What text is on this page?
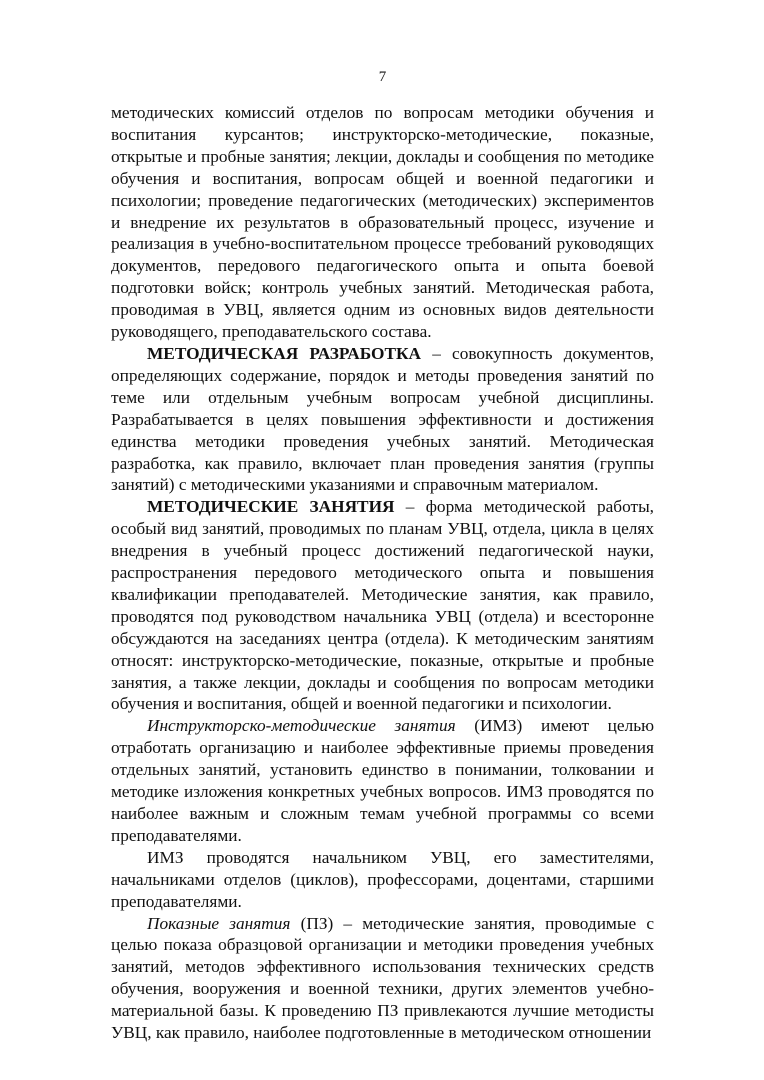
7

методических комиссий отделов по вопросам методики обучения и воспитания курсантов; инструкторско-методические, показные, открытые и пробные занятия; лекции, доклады и сообщения по методике обучения и воспитания, вопросам общей и военной педагогики и психологии; проведение педагогических (методических) экспериментов и внедрение их результатов в образовательный процесс, изучение и реализация в учебно-воспитательном процессе требований руководящих документов, передового педагогического опыта и опыта боевой подготовки войск; контроль учебных занятий. Методическая работа, проводимая в УВЦ, является одним из основных видов деятельности руководящего, преподавательского состава.

МЕТОДИЧЕСКАЯ РАЗРАБОТКА – совокупность документов, определяющих содержание, порядок и методы проведения занятий по теме или отдельным учебным вопросам учебной дисциплины. Разрабатывается в целях повышения эффективности и достижения единства методики проведения учебных занятий. Методическая разработка, как правило, включает план проведения занятия (группы занятий) с методическими указаниями и справочным материалом.

МЕТОДИЧЕСКИЕ ЗАНЯТИЯ – форма методической работы, особый вид занятий, проводимых по планам УВЦ, отдела, цикла в целях внедрения в учебный процесс достижений педагогической науки, распространения передового методического опыта и повышения квалификации преподавателей. Методические занятия, как правило, проводятся под руководством начальника УВЦ (отдела) и всесторонне обсуждаются на заседаниях центра (отдела). К методическим занятиям относят: инструкторско-методические, показные, открытые и пробные занятия, а также лекции, доклады и сообщения по вопросам методики обучения и воспитания, общей и военной педагогики и психологии.

Инструкторско-методические занятия (ИМЗ) имеют целью отработать организацию и наиболее эффективные приемы проведения отдельных занятий, установить единство в понимании, толковании и методике изложения конкретных учебных вопросов. ИМЗ проводятся по наиболее важным и сложным темам учебной программы со всеми преподавателями.

ИМЗ проводятся начальником УВЦ, его заместителями, начальниками отделов (циклов), профессорами, доцентами, старшими преподавателями.

Показные занятия (ПЗ) – методические занятия, проводимые с целью показа образцовой организации и методики проведения учебных занятий, методов эффективного использования технических средств обучения, вооружения и военной техники, других элементов учебно-материальной базы. К проведению ПЗ привлекаются лучшие методисты УВЦ, как правило, наиболее подготовленные в методическом отношении
